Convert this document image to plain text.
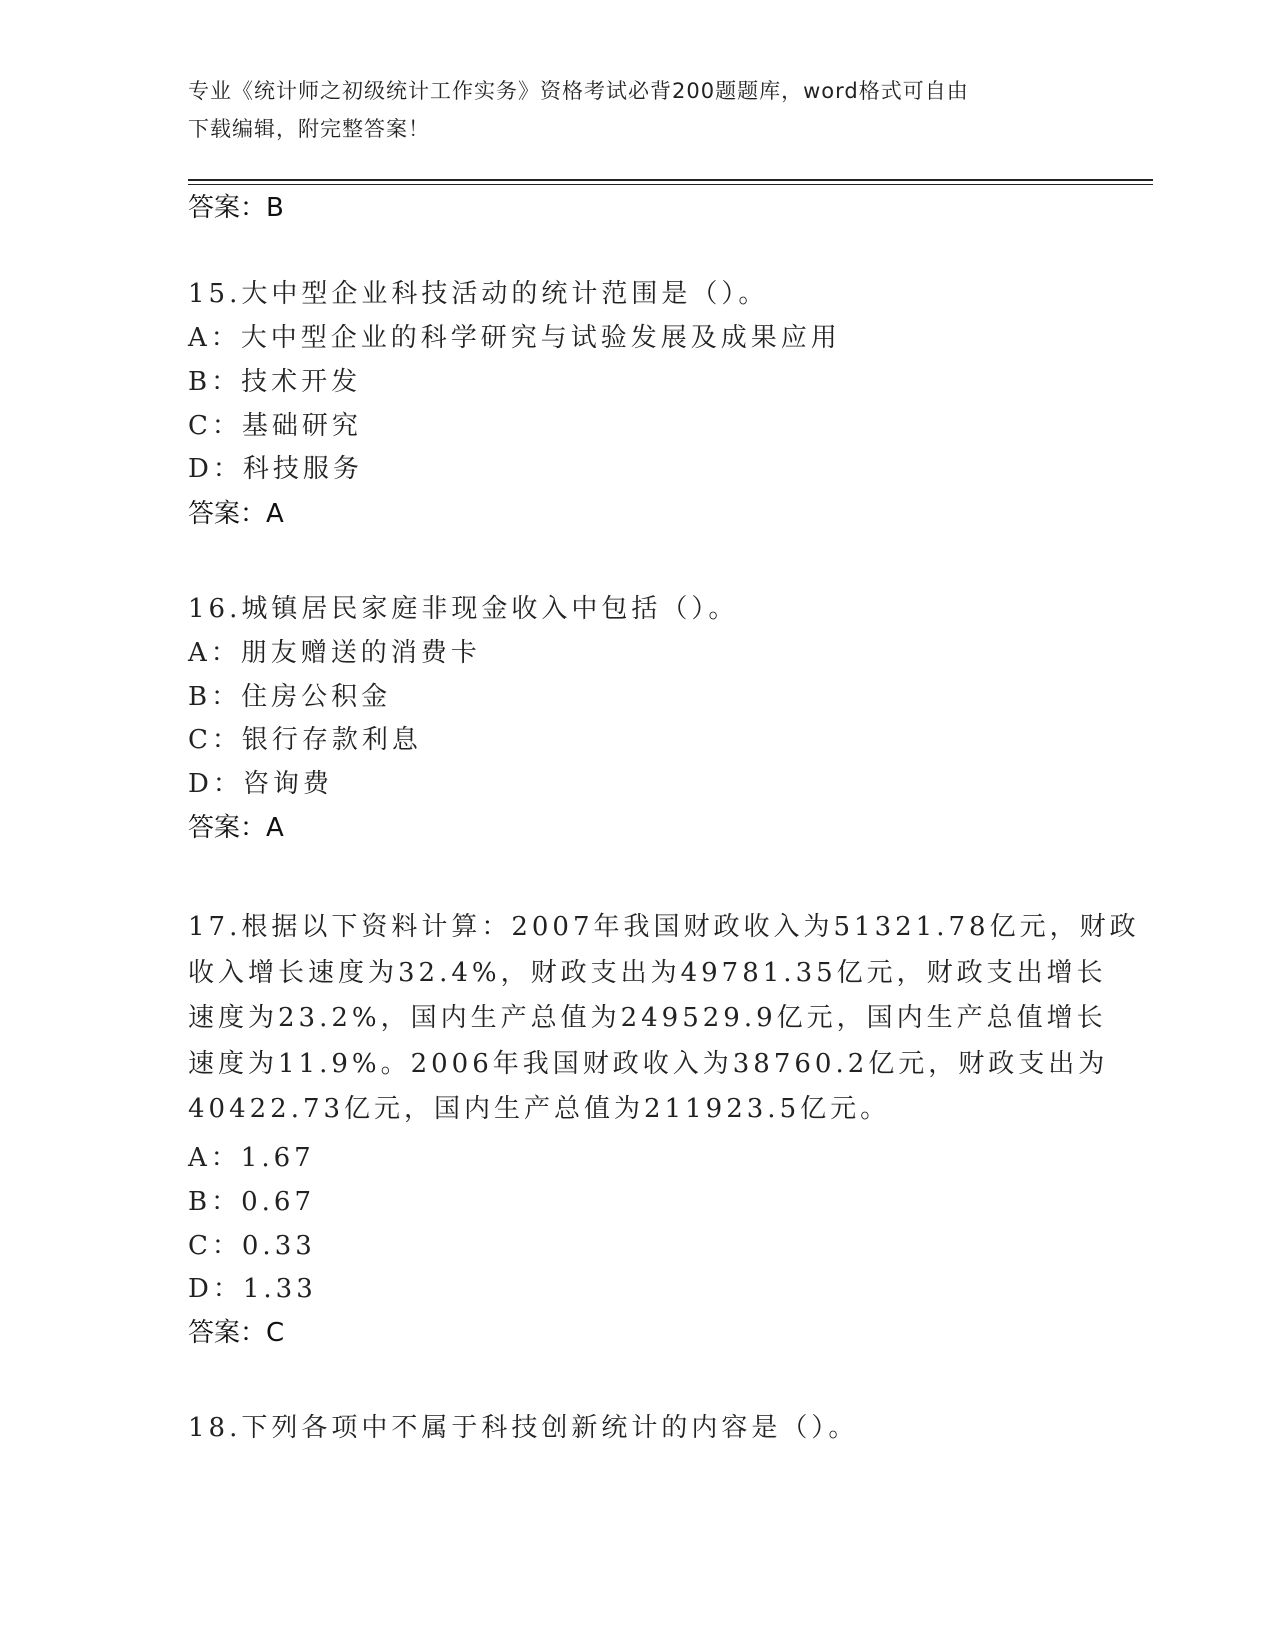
专业《统计师之初级统计工作实务》资格考试必背200题题库，word格式可自由
下载编辑，附完整答案！
答案：B
15.大中型企业科技活动的统计范围是（）。
A：大中型企业的科学研究与试验发展及成果应用
B：技术开发
C：基础研究
D：科技服务
答案：A
16.城镇居民家庭非现金收入中包括（）。
A：朋友赠送的消费卡
B：住房公积金
C：银行存款利息
D：咨询费
答案：A
17.根据以下资料计算：2007年我国财政收入为51321.78亿元，财政
收入增长速度为32.4%，财政支出为49781.35亿元，财政支出增长
速度为23.2%，国内生产总值为249529.9亿元，国内生产总值增长
速度为11.9%。2006年我国财政收入为38760.2亿元，财政支出为
40422.73亿元，国内生产总值为211923.5亿元。
A：1.67
B：0.67
C：0.33
D：1.33
答案：C
18.下列各项中不属于科技创新统计的内容是（）。
